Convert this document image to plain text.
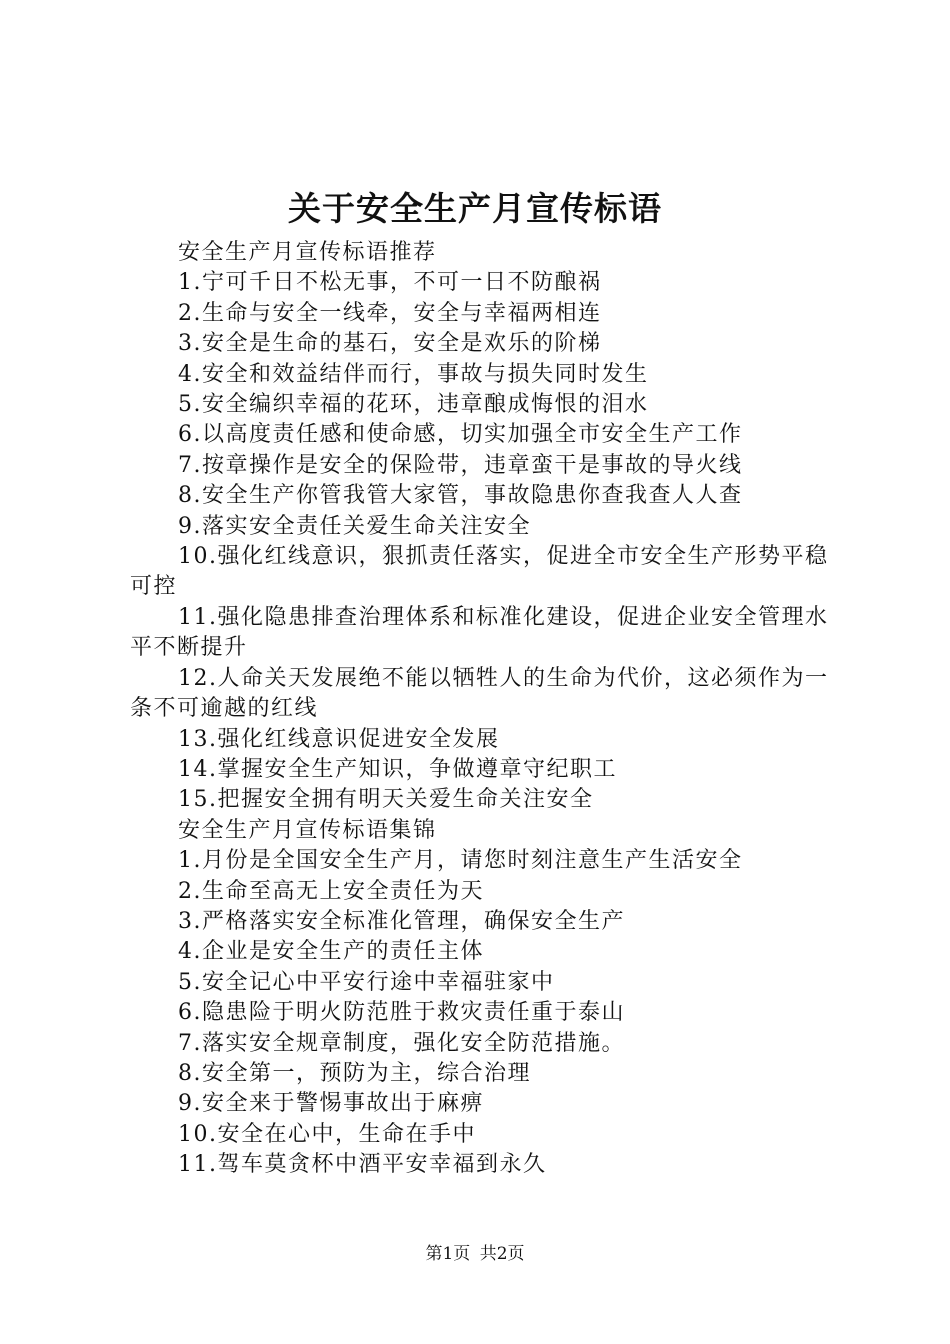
关于安全生产月宣传标语

安全生产月宣传标语推荐

1.宁可千日不松无事，不可一日不防酿祸

2.生命与安全一线牵，安全与幸福两相连

3.安全是生命的基石，安全是欢乐的阶梯

4.安全和效益结伴而行，事故与损失同时发生

5.安全编织幸福的花环，违章酿成悔恨的泪水

6.以高度责任感和使命感，切实加强全市安全生产工作

7.按章操作是安全的保险带，违章蛮干是事故的导火线

8.安全生产你管我管大家管，事故隐患你查我查人人查

9.落实安全责任关爱生命关注安全

10.强化红线意识，狠抓责任落实，促进全市安全生产形势平稳可控

11.强化隐患排查治理体系和标准化建设，促进企业安全管理水平不断提升

12.人命关天发展绝不能以牺牲人的生命为代价，这必须作为一条不可逾越的红线

13.强化红线意识促进安全发展

14.掌握安全生产知识，争做遵章守纪职工

15.把握安全拥有明天关爱生命关注安全

安全生产月宣传标语集锦

1.月份是全国安全生产月，请您时刻注意生产生活安全

2.生命至高无上安全责任为天

3.严格落实安全标准化管理，确保安全生产

4.企业是安全生产的责任主体

5.安全记心中平安行途中幸福驻家中

6.隐患险于明火防范胜于救灾责任重于泰山

7.落实安全规章制度，强化安全防范措施。

8.安全第一，预防为主，综合治理

9.安全来于警惕事故出于麻痹

10.安全在心中，生命在手中

11.驾车莫贪杯中酒平安幸福到永久

第1页 共2页
